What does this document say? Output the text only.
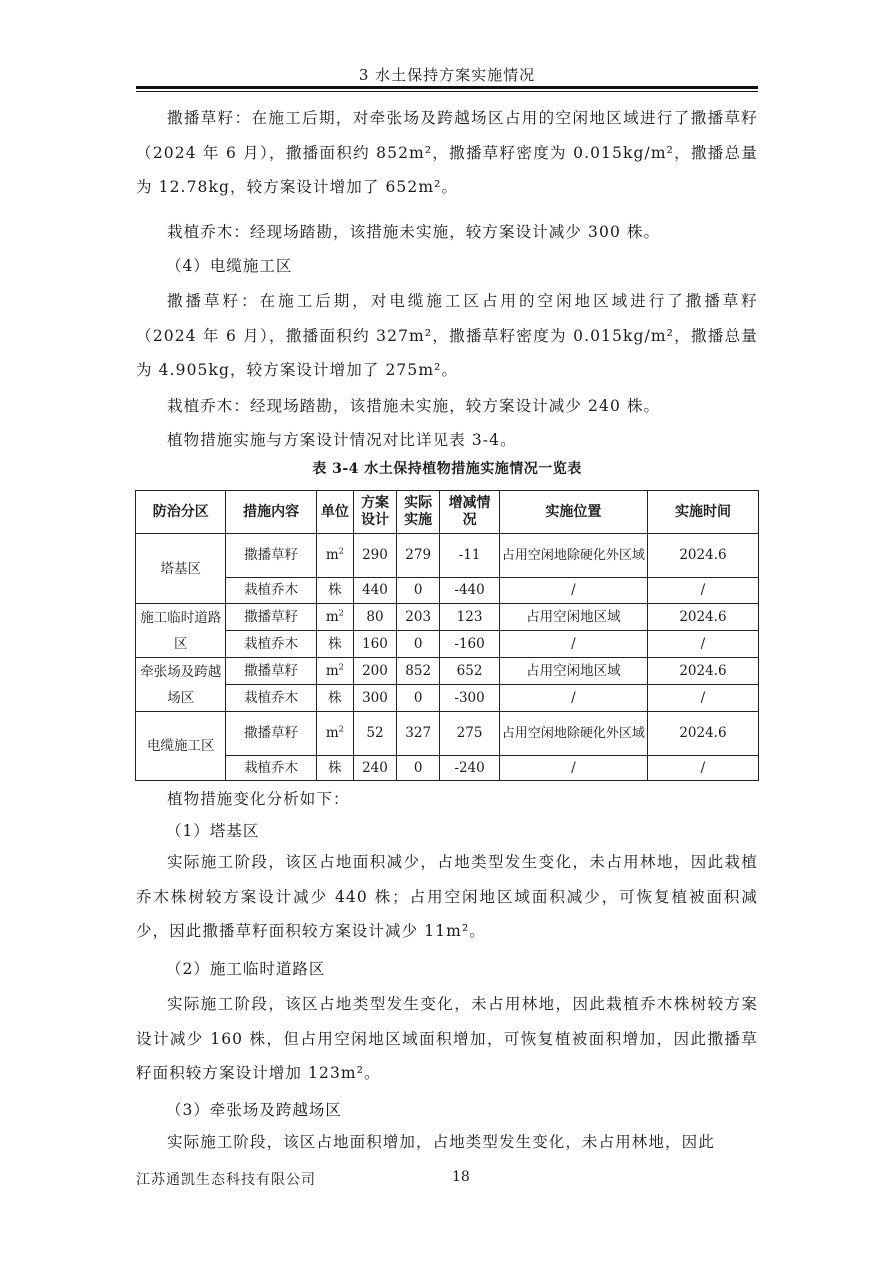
3 水土保持方案实施情况

撒播草籽：在施工后期，对牵张场及跨越场区占用的空闲地区域进行了撒播草籽（2024 年 6 月），撒播面积约 852m²，撒播草籽密度为 0.015kg/m²，撒播总量为 12.78kg，较方案设计增加了 652m²。

栽植乔木：经现场踏勘，该措施未实施，较方案设计减少 300 株。

（4）电缆施工区

撒播草籽：在施工后期，对电缆施工区占用的空闲地区域进行了撒播草籽（2024 年 6 月），撒播面积约 327m²，撒播草籽密度为 0.015kg/m²，撒播总量为 4.905kg，较方案设计增加了 275m²。

栽植乔木：经现场踏勘，该措施未实施，较方案设计减少 240 株。

植物措施实施与方案设计情况对比详见表 3-4。

表 3-4 水土保持植物措施实施情况一览表
防治分区	措施内容	单位	方案设计	实际实施	增减情况	实施位置	实施时间
塔基区	撒播草籽	$m^2$	290	279	-11	占用空闲地除硬化外区域	2024.6
	栽植乔木	株	440	0	-440	/	/
施工临时道路区	撒播草籽	$m^2$	80	203	123	占用空闲地区域	2024.6
	栽植乔木	株	160	0	-160	/	/
牵张场及跨越场区	撒播草籽	$m^2$	200	852	652	占用空闲地区域	2024.6
	栽植乔木	株	300	0	-300	/	/
电缆施工区	撒播草籽	$m^2$	52	327	275	占用空闲地除硬化外区域	2024.6
	栽植乔木	株	240	0	-240	/	/

植物措施变化分析如下：

（1）塔基区

实际施工阶段，该区占地面积减少，占地类型发生变化，未占用林地，因此栽植乔木株树较方案设计减少 440 株；占用空闲地区域面积减少，可恢复植被面积减少，因此撒播草籽面积较方案设计减少 11m²。

（2）施工临时道路区

实际施工阶段，该区占地类型发生变化，未占用林地，因此栽植乔木株树较方案设计减少 160 株，但占用空闲地区域面积增加，可恢复植被面积增加，因此撒播草籽面积较方案设计增加 123m²。

（3）牵张场及跨越场区

实际施工阶段，该区占地面积增加，占地类型发生变化，未占用林地，因此

江苏通凯生态科技有限公司	18
